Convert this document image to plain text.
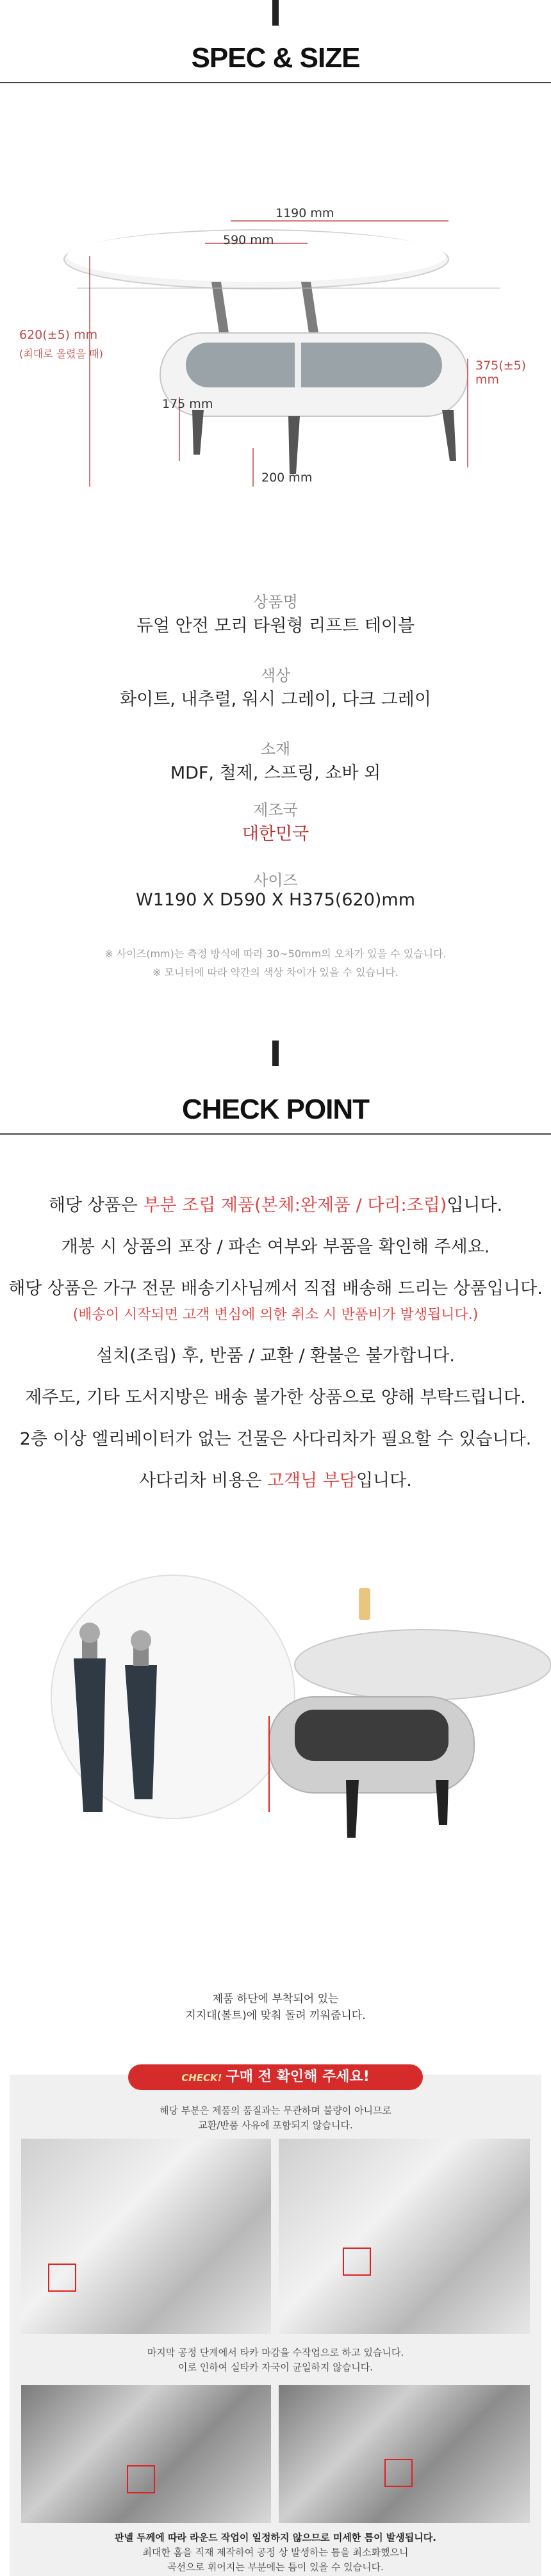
SPEC & SIZE
1190 mm
590 mm
620(±5) mm
(최대로 올렸을 때)
375(±5) mm
175 mm
200 mm
상품명
듀얼 안전 모리 타원형 리프트 테이블
색상
화이트, 내추럴, 워시 그레이, 다크 그레이
소재
MDF, 철제, 스프링, 쇼바 외
제조국
대한민국
사이즈
W1190 X D590 X H375(620)mm
※ 사이즈(mm)는 측정 방식에 따라 30~50mm의 오차가 있을 수 있습니다.
※ 모니터에 따라 약간의 색상 차이가 있을 수 있습니다.
CHECK POINT
해당 상품은 부분 조립 제품(본체:완제품 / 다리:조립)입니다.
개봉 시 상품의 포장 / 파손 여부와 부품을 확인해 주세요.
해당 상품은 가구 전문 배송기사님께서 직접 배송해 드리는 상품입니다.
(배송이 시작되면 고객 변심에 의한 취소 시 반품비가 발생됩니다.)
설치(조립) 후, 반품 / 교환 / 환불은 불가합니다.
제주도, 기타 도서지방은 배송 불가한 상품으로 양해 부탁드립니다.
2층 이상 엘리베이터가 없는 건물은 사다리차가 필요할 수 있습니다.
사다리차 비용은 고객님 부담입니다.
제품 하단에 부착되어 있는
지지대(볼트)에 맞춰 돌려 끼워줍니다.
CHECK! 구매 전 확인해 주세요!
해당 부분은 제품의 품질과는 무관하며 불량이 아니므로
교환/반품 사유에 포함되지 않습니다.
마지막 공정 단계에서 타카 마감을 수작업으로 하고 있습니다.
이로 인하여 실타카 자국이 균일하지 않습니다.
판넬 두께에 따라 라운드 작업이 일정하지 않으므로 미세한 틈이 발생됩니다.
최대한 홈을 직재 제작하여 공정 상 발생하는 틈을 최소화했으니
곡선으로 휘어지는 부분에는 틈이 있을 수 있습니다.
